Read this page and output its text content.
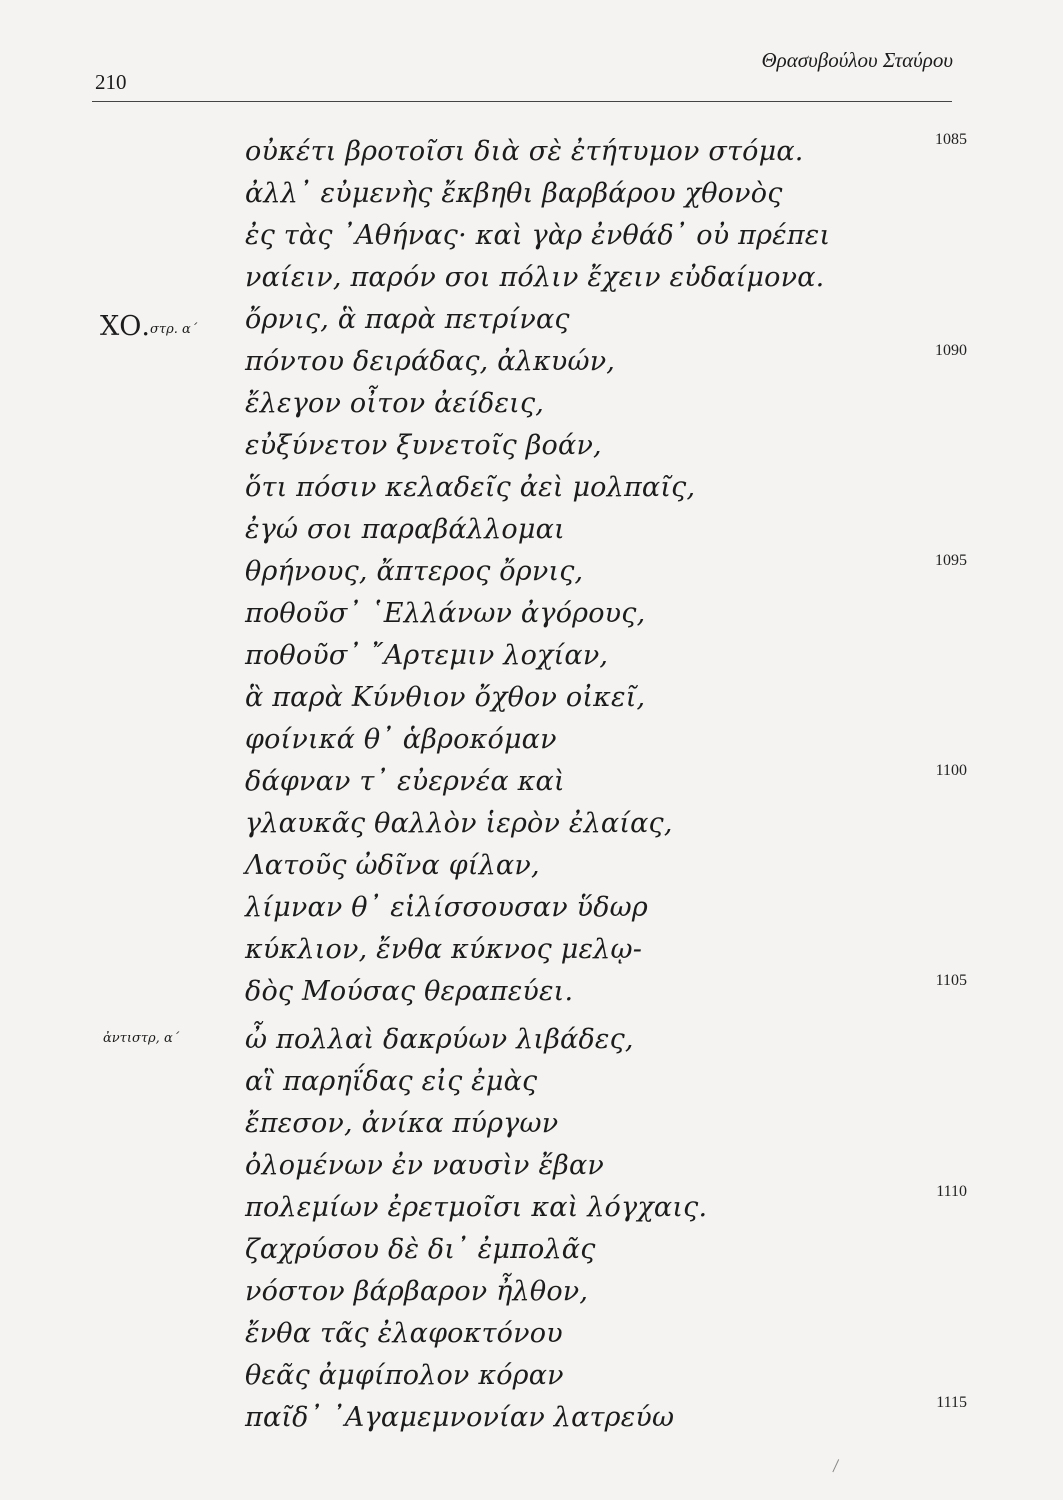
210
Θρασυβούλου Σταύρου
ΧΟ. στρ. α΄
ἀντιστρ, α΄
οὐκέτι βροτοῖσι διὰ σὲ ἐτήτυμον στόμα.
ἀλλ᾽ εὐμενὴς ἔκβηθι βαρβάρου χθονὸς
ἐς τὰς ᾽Αθήνας· καὶ γὰρ ἐνθάδ᾽ οὐ πρέπει
ναίειν, παρόν σοι πόλιν ἔχειν εὐδαίμονα.
ὄρνις, ἃ παρὰ πετρίνας
πόντου δειράδας, ἀλκυών,
ἔλεγον οἶτον ἀείδεις,
εὐξύνετον ξυνετοῖς βοάν,
ὅτι πόσιν κελαδεῖς ἀεὶ μολπαῖς,
ἐγώ σοι παραβάλλομαι
θρήνους, ἄπτερος ὄρνις,
ποθοῦσ᾽ ῾Ελλάνων ἀγόρους,
ποθοῦσ᾽ ῎Αρτεμιν λοχίαν,
ἃ παρὰ Κύνθιον ὄχθον οἰκεῖ,
φοίνικά θ᾽ ἁβροκόμαν
δάφναν τ᾽ εὐερνέα καὶ
γλαυκᾶς θαλλὸν ἱερὸν ἐλαίας,
Λατοῦς ὠδῖνα φίλαν,
λίμναν θ᾽ εἱλίσσουσαν ὕδωρ
κύκλιον, ἔνθα κύκνος μελῳ-
δὸς Μούσας θεραπεύει.
ὦ πολλαὶ δακρύων λιβάδες,
αἳ παρηΐδας εἰς ἐμὰς
ἔπεσον, ἀνίκα πύργων
ὀλομένων ἐν ναυσὶν ἔβαν
πολεμίων ἐρετμοῖσι καὶ λόγχαις.
ζαχρύσου δὲ δι᾽ ἐμπολᾶς
νόστον βάρβαρον ἦλθον,
ἔνθα τᾶς ἐλαφοκτόνου
θεᾶς ἀμφίπολον κόραν
παῖδ᾽ ᾽Αγαμεμνονίαν λατρεύω
1085
1090
1095
1100
1105
1110
1115
